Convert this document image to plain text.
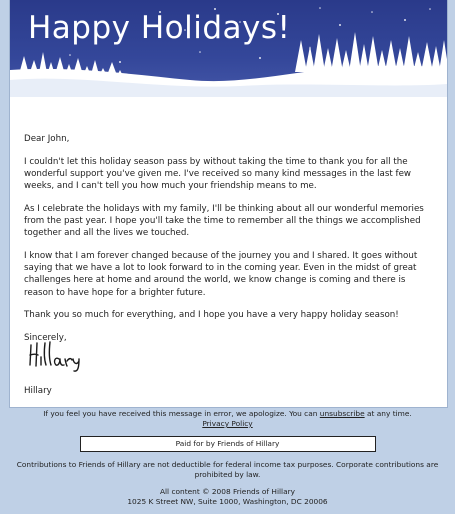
Happy Holidays!

Dear John,

I couldn't let this holiday season pass by without taking the time to thank you for all the wonderful support you've given me. I've received so many kind messages in the last few weeks, and I can't tell you how much your friendship means to me.

As I celebrate the holidays with my family, I'll be thinking about all our wonderful memories from the past year. I hope you'll take the time to remember all the things we accomplished together and all the lives we touched.

I know that I am forever changed because of the journey you and I shared. It goes without saying that we have a lot to look forward to in the coming year. Even in the midst of great challenges here at home and around the world, we know change is coming and there is reason to have hope for a brighter future.

Thank you so much for everything, and I hope you have a very happy holiday season!

Sincerely,

Hillary

If you feel you have received this message in error, we apologize. You can unsubscribe at any time.
Privacy Policy

Paid for by Friends of Hillary

Contributions to Friends of Hillary are not deductible for federal income tax purposes. Corporate contributions are prohibited by law.

All content © 2008 Friends of Hillary
1025 K Street NW, Suite 1000, Washington, DC 20006
